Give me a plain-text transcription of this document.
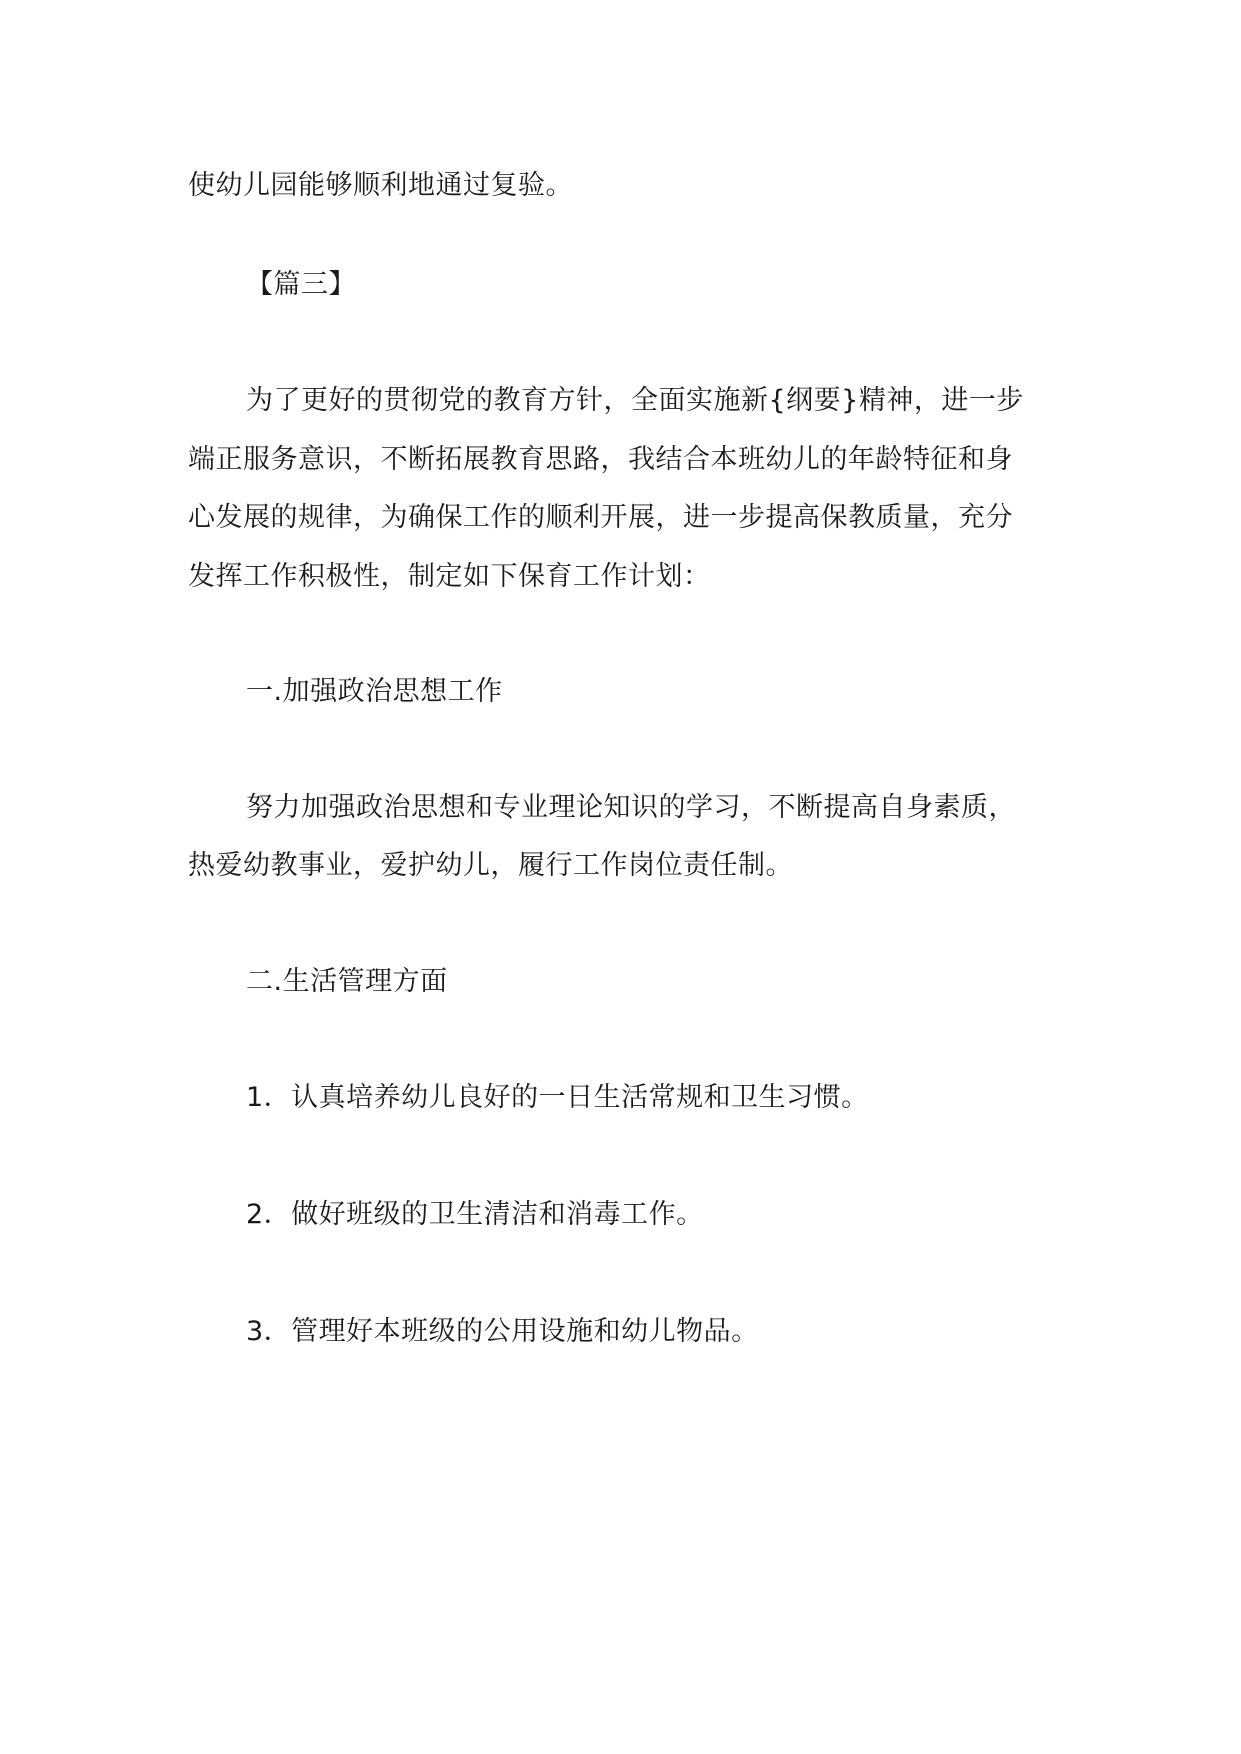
使幼儿园能够顺利地通过复验。
【篇三】
为了更好的贯彻党的教育方针，全面实施新{纲要}精神，进一步
端正服务意识，不断拓展教育思路，我结合本班幼儿的年龄特征和身
心发展的规律，为确保工作的顺利开展，进一步提高保教质量，充分
发挥工作积极性，制定如下保育工作计划：
一.加强政治思想工作
努力加强政治思想和专业理论知识的学习，不断提高自身素质，
热爱幼教事业，爱护幼儿，履行工作岗位责任制。
二.生活管理方面
1．认真培养幼儿良好的一日生活常规和卫生习惯。
2．做好班级的卫生清洁和消毒工作。
3．管理好本班级的公用设施和幼儿物品。
